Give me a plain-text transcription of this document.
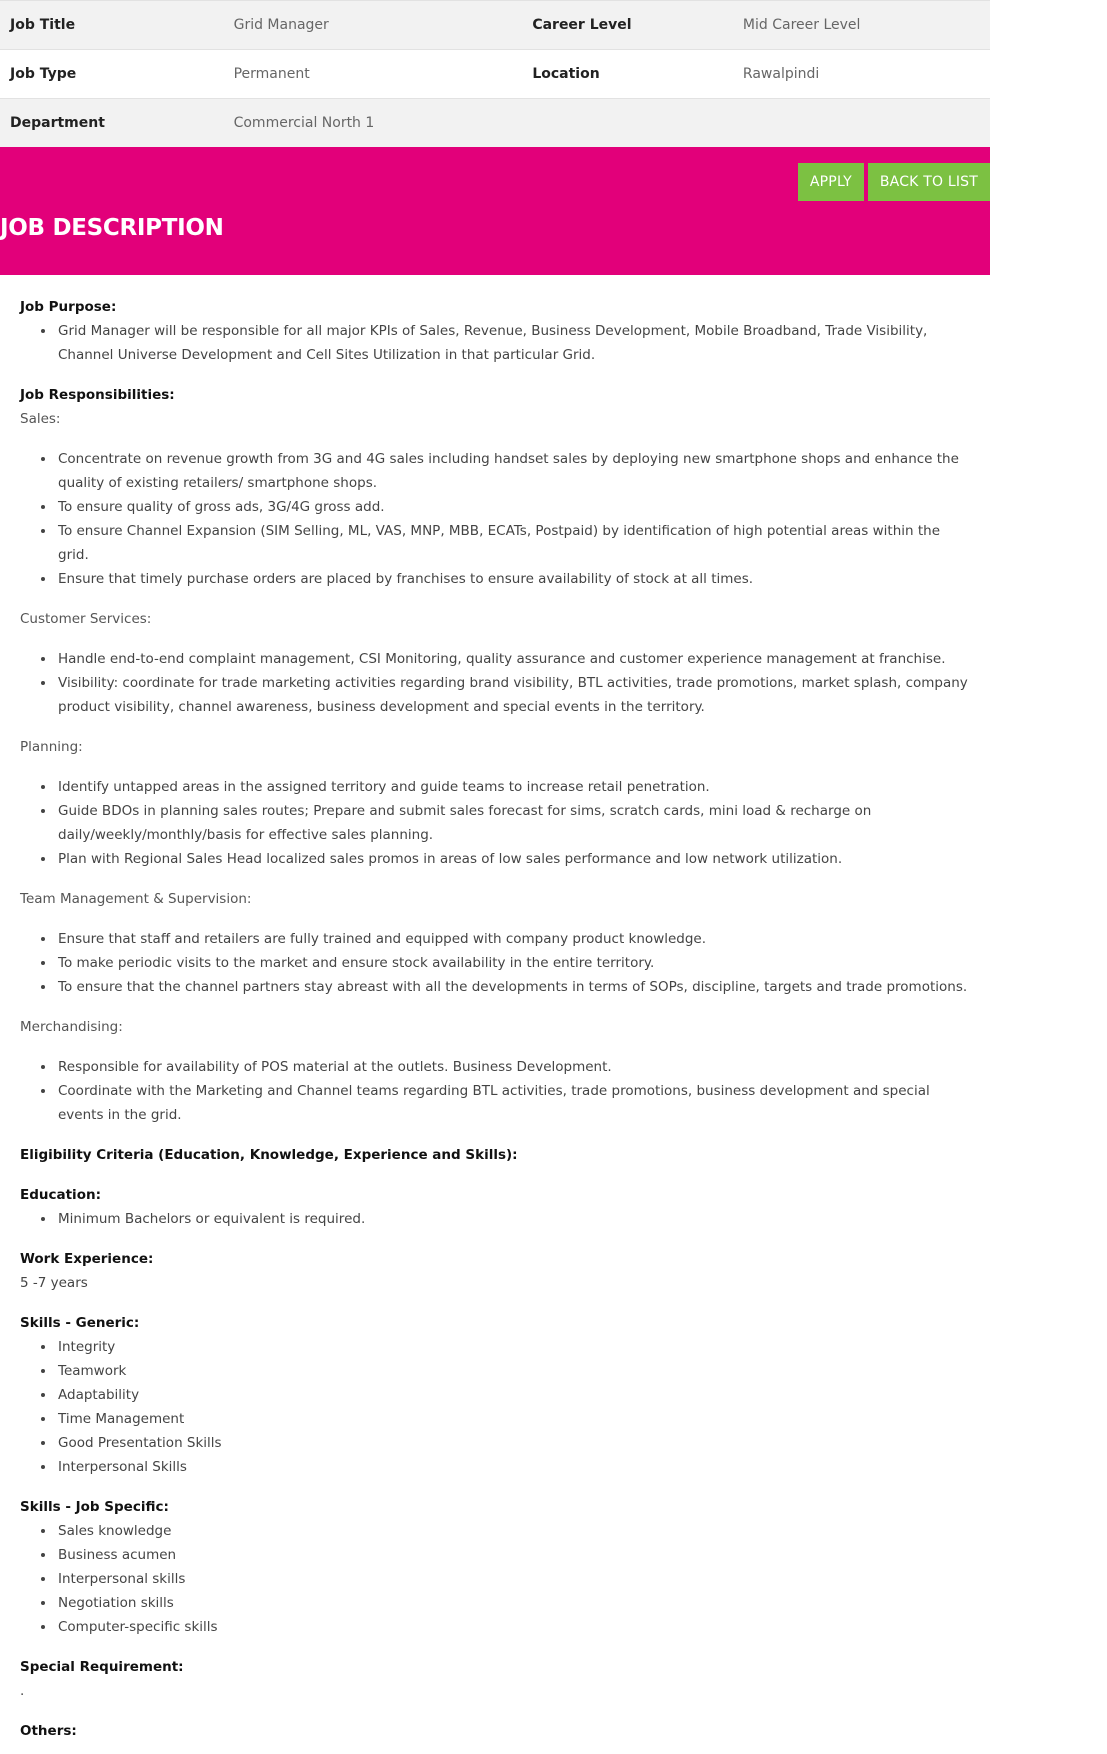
Job Title	Grid Manager	Career Level	Mid Career Level
Job Type	Permanent	Location	Rawalpindi
Department	Commercial North 1		
APPLY	BACK TO LIST
JOB DESCRIPTION
Job Purpose:
• Grid Manager will be responsible for all major KPIs of Sales, Revenue, Business Development, Mobile Broadband, Trade Visibility, Channel Universe Development and Cell Sites Utilization in that particular Grid.
Job Responsibilities:
Sales:
• Concentrate on revenue growth from 3G and 4G sales including handset sales by deploying new smartphone shops and enhance the quality of existing retailers/ smartphone shops.
• To ensure quality of gross ads, 3G/4G gross add.
• To ensure Channel Expansion (SIM Selling, ML, VAS, MNP, MBB, ECATs, Postpaid) by identification of high potential areas within the grid.
• Ensure that timely purchase orders are placed by franchises to ensure availability of stock at all times.
Customer Services:
• Handle end-to-end complaint management, CSI Monitoring, quality assurance and customer experience management at franchise.
• Visibility: coordinate for trade marketing activities regarding brand visibility, BTL activities, trade promotions, market splash, company product visibility, channel awareness, business development and special events in the territory.
Planning:
• Identify untapped areas in the assigned territory and guide teams to increase retail penetration.
• Guide BDOs in planning sales routes; Prepare and submit sales forecast for sims, scratch cards, mini load & recharge on daily/weekly/monthly/basis for effective sales planning.
• Plan with Regional Sales Head localized sales promos in areas of low sales performance and low network utilization.
Team Management & Supervision:
• Ensure that staff and retailers are fully trained and equipped with company product knowledge.
• To make periodic visits to the market and ensure stock availability in the entire territory.
• To ensure that the channel partners stay abreast with all the developments in terms of SOPs, discipline, targets and trade promotions.
Merchandising:
• Responsible for availability of POS material at the outlets. Business Development.
• Coordinate with the Marketing and Channel teams regarding BTL activities, trade promotions, business development and special events in the grid.
Eligibility Criteria (Education, Knowledge, Experience and Skills):
Education:
• Minimum Bachelors or equivalent is required.
Work Experience:
5 -7 years
Skills - Generic:
• Integrity
• Teamwork
• Adaptability
• Time Management
• Good Presentation Skills
• Interpersonal Skills
Skills - Job Specific:
• Sales knowledge
• Business acumen
• Interpersonal skills
• Negotiation skills
• Computer-specific skills
Special Requirement:
.
Others:
